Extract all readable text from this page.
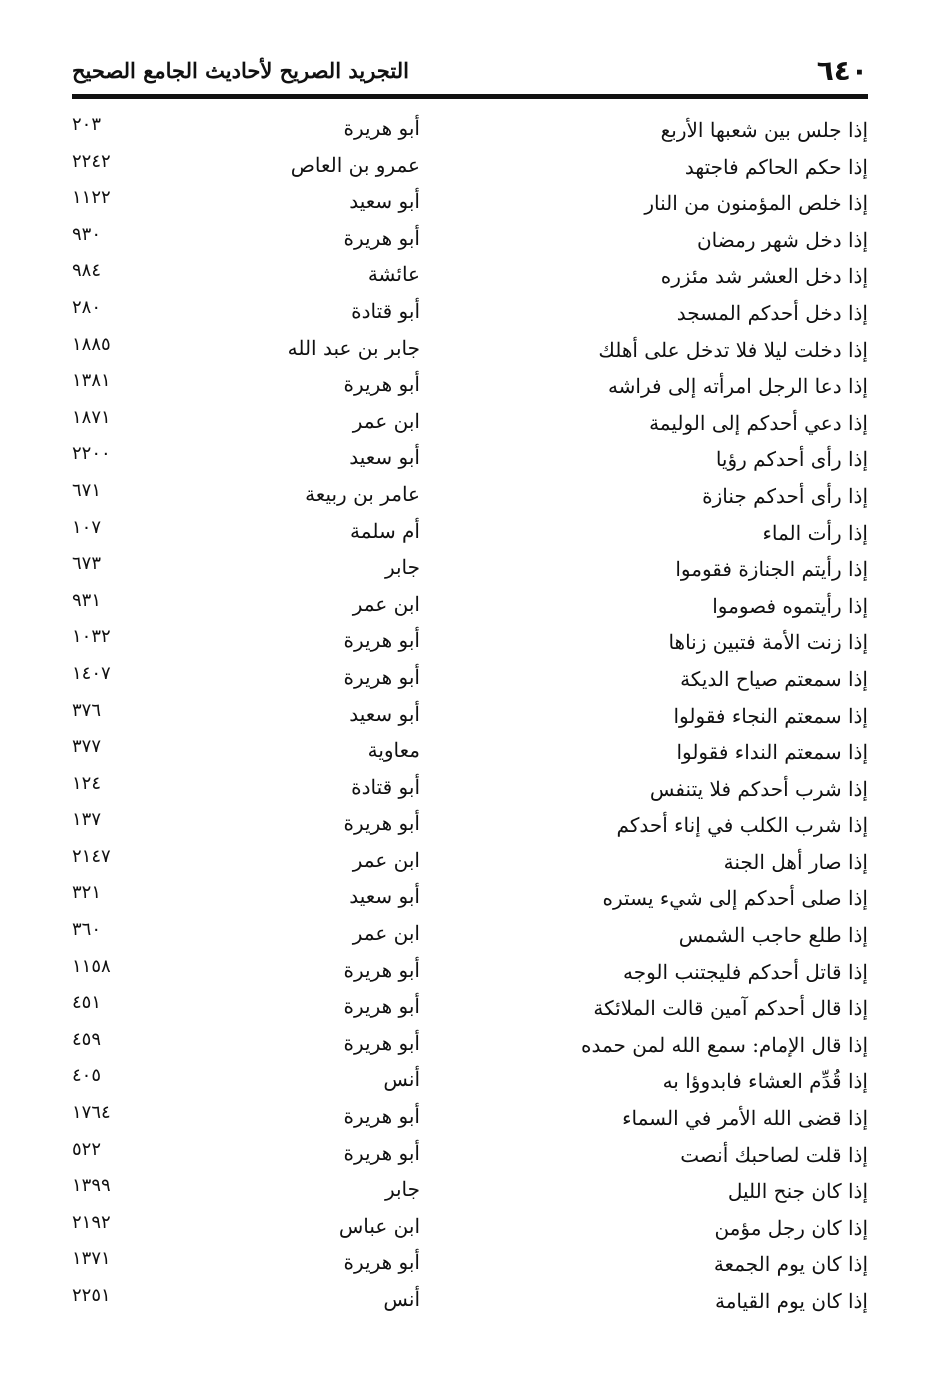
٦٤٠
التجريد الصريح لأحاديث الجامع الصحيح
إذا جلس بين شعبها الأربع
أبو هريرة
٢٠٣
إذا حكم الحاكم فاجتهد
عمرو بن العاص
٢٢٤٢
إذا خلص المؤمنون من النار
أبو سعيد
١١٢٢
إذا دخل شهر رمضان
أبو هريرة
٩٣٠
إذا دخل العشر شد مئزره
عائشة
٩٨٤
إذا دخل أحدكم المسجد
أبو قتادة
٢٨٠
إذا دخلت ليلا فلا تدخل على أهلك
جابر بن عبد الله
١٨٨٥
إذا دعا الرجل امرأته إلى فراشه
أبو هريرة
١٣٨١
إذا دعي أحدكم إلى الوليمة
ابن عمر
١٨٧١
إذا رأى أحدكم رؤيا
أبو سعيد
٢٢٠٠
إذا رأى أحدكم جنازة
عامر بن ربيعة
٦٧١
إذا رأت الماء
أم سلمة
١٠٧
إذا رأيتم الجنازة فقوموا
جابر
٦٧٣
إذا رأيتموه فصوموا
ابن عمر
٩٣١
إذا زنت الأمة فتبين زناها
أبو هريرة
١٠٣٢
إذا سمعتم صياح الديكة
أبو هريرة
١٤٠٧
إذا سمعتم النجاء فقولوا
أبو سعيد
٣٧٦
إذا سمعتم النداء فقولوا
معاوية
٣٧٧
إذا شرب أحدكم فلا يتنفس
أبو قتادة
١٢٤
إذا شرب الكلب في إناء أحدكم
أبو هريرة
١٣٧
إذا صار أهل الجنة
ابن عمر
٢١٤٧
إذا صلى أحدكم إلى شيء يستره
أبو سعيد
٣٢١
إذا طلع حاجب الشمس
ابن عمر
٣٦٠
إذا قاتل أحدكم فليجتنب الوجه
أبو هريرة
١١٥٨
إذا قال أحدكم آمين قالت الملائكة
أبو هريرة
٤٥١
إذا قال الإمام: سمع الله لمن حمده
أبو هريرة
٤٥٩
إذا قُدِّم العشاء فابدوؤا به
أنس
٤٠٥
إذا قضى الله الأمر في السماء
أبو هريرة
١٧٦٤
إذا قلت لصاحبك أنصت
أبو هريرة
٥٢٢
إذا كان جنح الليل
جابر
١٣٩٩
إذا كان رجل مؤمن
ابن عباس
٢١٩٢
إذا كان يوم الجمعة
أبو هريرة
١٣٧١
إذا كان يوم القيامة
أنس
٢٢٥١
